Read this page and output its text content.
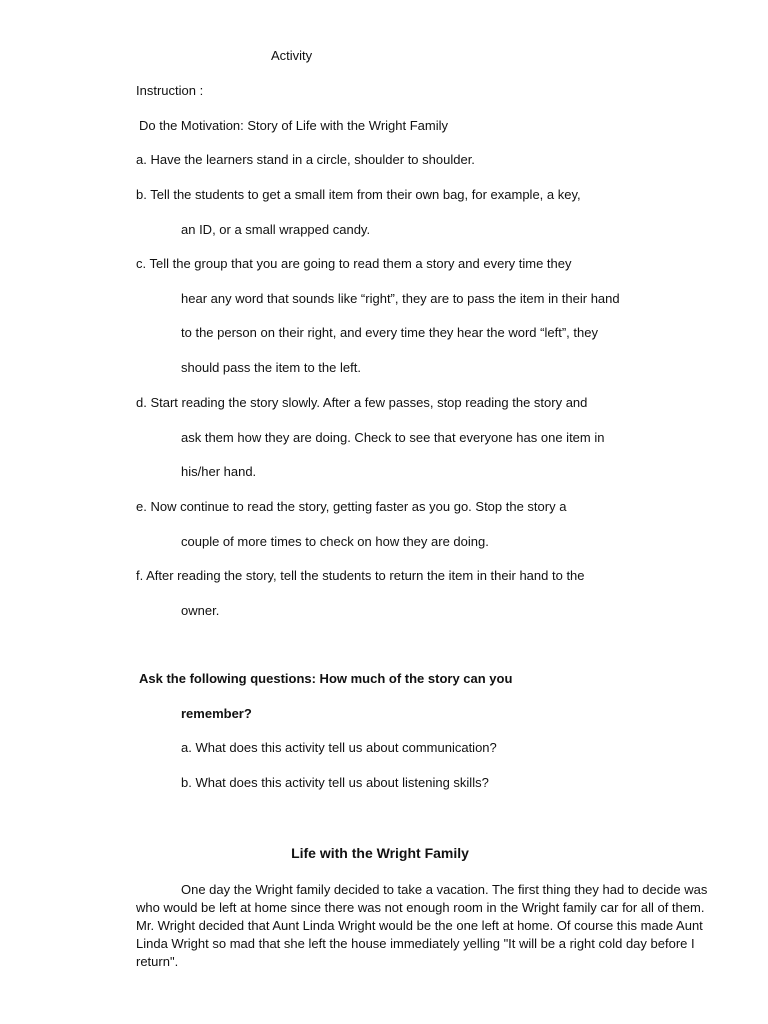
Activity
Instruction :
Do the Motivation: Story of Life with the Wright Family
a. Have the learners stand in a circle, shoulder to shoulder.
b. Tell the students to get a small item from their own bag, for example, a key,
an ID, or a small wrapped candy.
c. Tell the group that you are going to read them a story and every time they
hear any word that sounds like “right”, they are to pass the item in their hand
to the person on their right, and every time they hear the word “left”, they
should pass the item to the left.
d. Start reading the story slowly. After a few passes, stop reading the story and
ask them how they are doing. Check to see that everyone has one item in
his/her hand.
e. Now continue to read the story, getting faster as you go. Stop the story a
couple of more times to check on how they are doing.
f. After reading the story, tell the students to return the item in their hand to the
owner.
Ask the following questions: How much of the story can you
remember?
a. What does this activity tell us about communication?
b. What does this activity tell us about listening skills?
Life with the Wright Family

One day the Wright family decided to take a vacation. The first thing they had to decide was who would be left at home since there was not enough room in the Wright family car for all of them. Mr. Wright decided that Aunt Linda Wright would be the one left at home. Of course this made Aunt Linda Wright so mad that she left the house immediately yelling "It will be a right cold day before I return".
